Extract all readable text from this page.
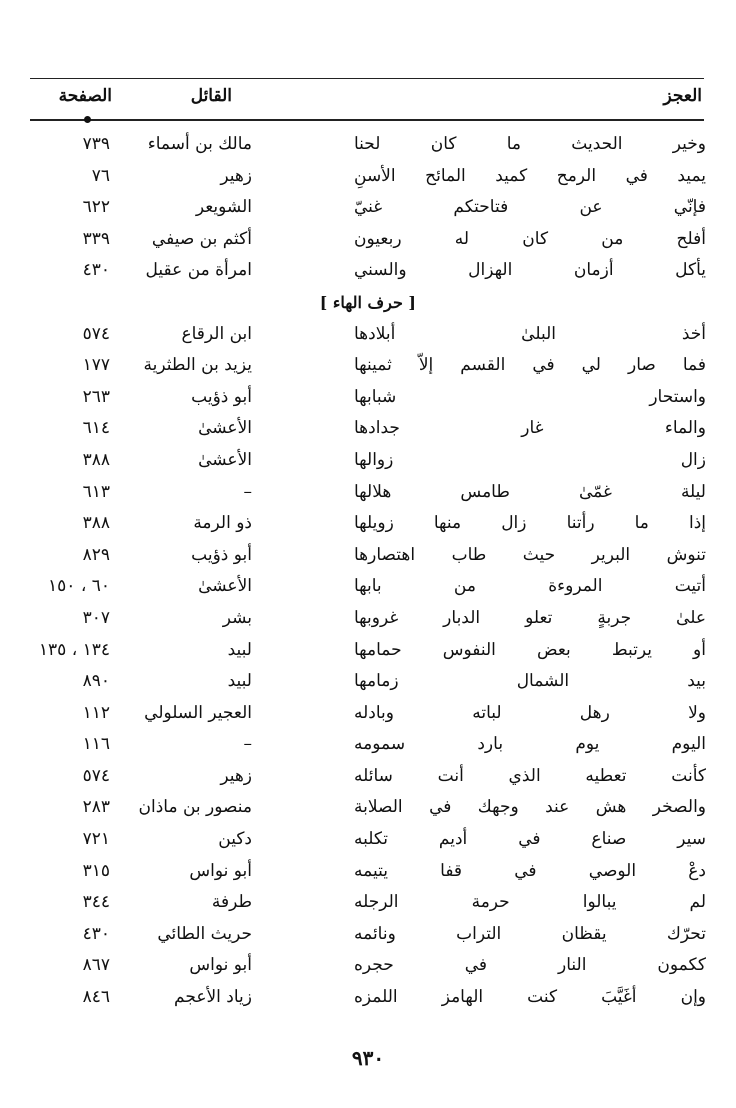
العجز
القائل
الصفحة
وخير الحديث ما كان لحنا
مالك بن أسماء
٧٣٩
يميد في الرمح كميد المائح الأسنِ
زهير
٧٦
فإنّي عن فتاحتكم غنيّ
الشويعر
٦٢٢
أفلح من كان له ربعيون
أكثم بن صيفي
٣٣٩
يأكل أزمان الهزال والسني
امرأة من عقيل
٤٣٠
[ حرف الهاء ]
أخذ البلىٰ أبلادها
ابن الرقاع
٥٧٤
فما صار لي في القسم إلاّ ثمينها
يزيد بن الطثرية
١٧٧
واستحار شبابها
أبو ذؤيب
٢٦٣
والماء غار جدادها
الأعشىٰ
٦١٤
زال زوالها
الأعشىٰ
٣٨٨
ليلة غمّىٰ طامس هلالها
–
٦١٣
إذا ما رأتنا زال منها زويلها
ذو الرمة
٣٨٨
تنوش البرير حيث طاب اهتصارها
أبو ذؤيب
٨٢٩
أتيت المروءة من بابها
الأعشىٰ
٦٠ ، ١٥٠
علىٰ جربةٍ تعلو الدبار غروبها
بشر
٣٠٧
أو يرتبط بعض النفوس حمامها
لبيد
١٣٤ ، ١٣٥
بيد الشمال زمامها
لبيد
٨٩٠
ولا رهل لباته وبادله
العجير السلولي
١١٢
اليوم يوم بارد سمومه
–
١١٦
كأنت تعطيه الذي أنت سائله
زهير
٥٧٤
والصخر هش عند وجهك في الصلابة
منصور بن ماذان
٢٨٣
سير صناع في أديم تكلبه
دكين
٧٢١
دعْ الوصي في قفا يتيمه
أبو نواس
٣١٥
لم يبالوا حرمة الرجله
طرفة
٣٤٤
تحرّك يقظان التراب ونائمه
حريث الطائي
٤٣٠
ككمون النار في حجره
أبو نواس
٨٦٧
وإن أغَيَّبَ كنت الهامز اللمزه
زياد الأعجم
٨٤٦
٩٣٠
